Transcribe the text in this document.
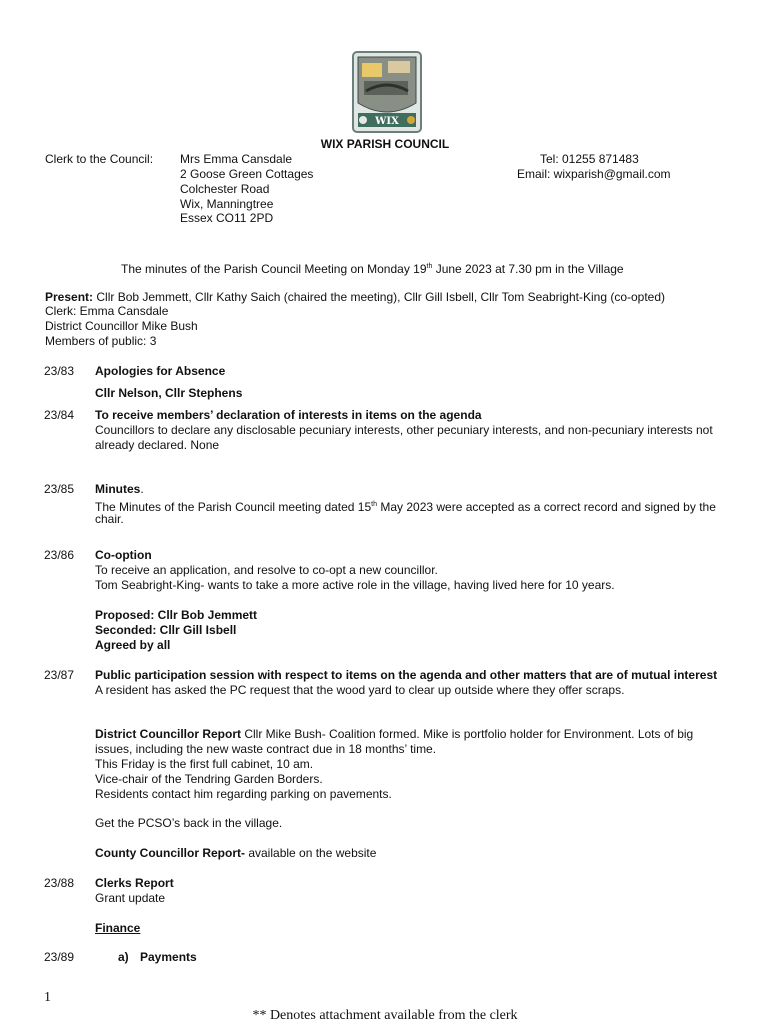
WIX
WIX PARISH COUNCIL
Clerk to the Council: Mrs Emma Cansdale
2 Goose Green Cottages
Colchester Road
Wix, Manningtree
Essex CO11 2PD
Tel: 01255 871483
Email: wixparish@gmail.com
The minutes of the Parish Council Meeting on Monday 19th June 2023 at 7.30 pm in the Village
Present: Cllr Bob Jemmett, Cllr Kathy Saich (chaired the meeting), Cllr Gill Isbell, Cllr Tom Seabright-King (co-opted)
Clerk: Emma Cansdale
District Councillor Mike Bush
Members of public: 3
23/83 Apologies for Absence
Cllr Nelson, Cllr Stephens
23/84 To receive members’ declaration of interests in items on the agenda
Councillors to declare any disclosable pecuniary interests, other pecuniary interests, and non-pecuniary interests not
already declared. None
23/85 Minutes.
The Minutes of the Parish Council meeting dated 15th May 2023 were accepted as a correct record and signed by the
chair.
23/86 Co-option
To receive an application, and resolve to co-opt a new councillor.
Tom Seabright-King- wants to take a more active role in the village, having lived here for 10 years.
Proposed: Cllr Bob Jemmett
Seconded: Cllr Gill Isbell
Agreed by all
23/87 Public participation session with respect to items on the agenda and other matters that are of mutual interest
A resident has asked the PC request that the wood yard to clear up outside where they offer scraps.
District Councillor Report Cllr Mike Bush- Coalition formed. Mike is portfolio holder for Environment. Lots of big
issues, including the new waste contract due in 18 months’ time.
This Friday is the first full cabinet, 10 am.
Vice-chair of the Tendring Garden Borders.
Residents contact him regarding parking on pavements.
Get the PCSO’s back in the village.
County Councillor Report- available on the website
23/88 Clerks Report
Grant update
Finance
23/89	a) Payments
1
** Denotes attachment available from the clerk
